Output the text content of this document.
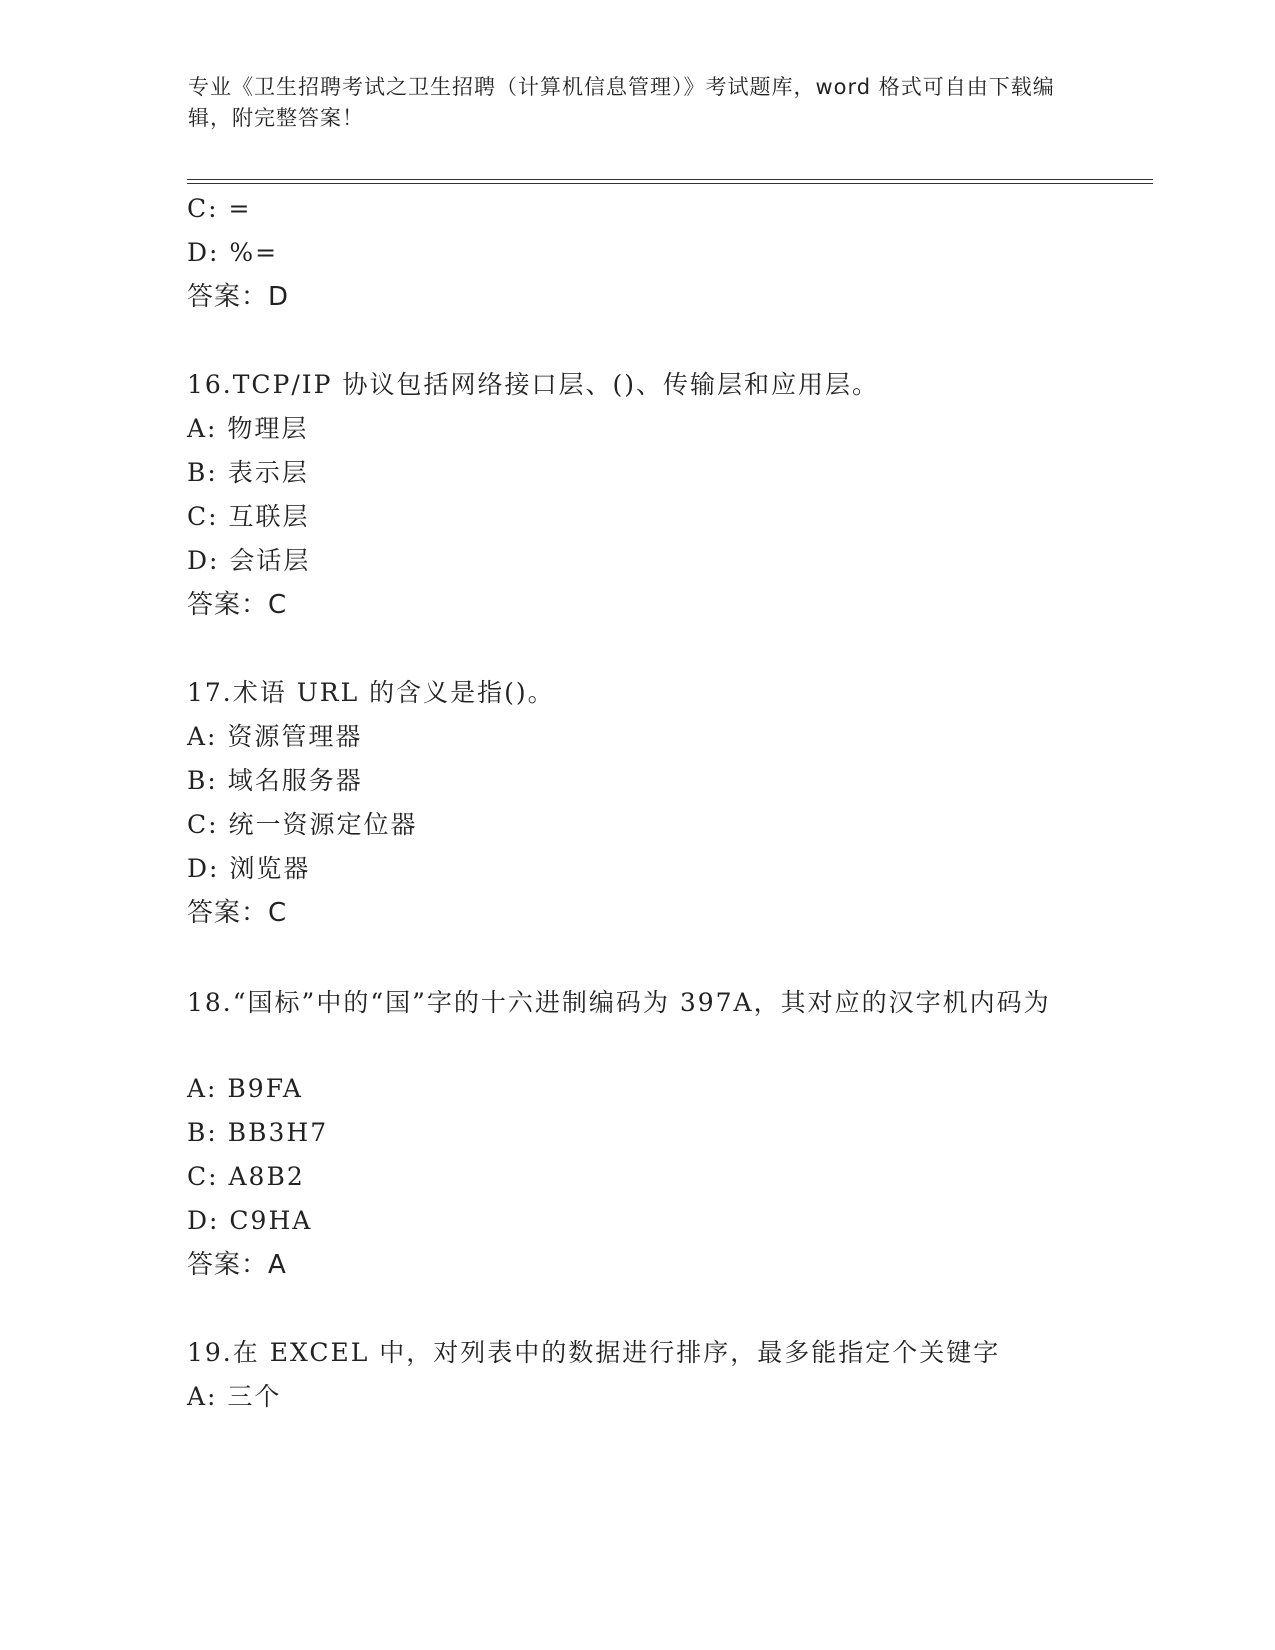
专业《卫生招聘考试之卫生招聘（计算机信息管理）》考试题库，word 格式可自由下载编辑，附完整答案！
C: =
D: %=
答案：D
16.TCP/IP 协议包括网络接口层、()、传输层和应用层。
A: 物理层
B: 表示层
C: 互联层
D: 会话层
答案：C
17.术语 URL 的含义是指()。
A: 资源管理器
B: 域名服务器
C: 统一资源定位器
D: 浏览器
答案：C
18.“国标”中的“国”字的十六进制编码为 397A，其对应的汉字机内码为
A: B9FA
B: BB3H7
C: A8B2
D: C9HA
答案：A
19.在 EXCEL 中，对列表中的数据进行排序，最多能指定个关键字
A: 三个
